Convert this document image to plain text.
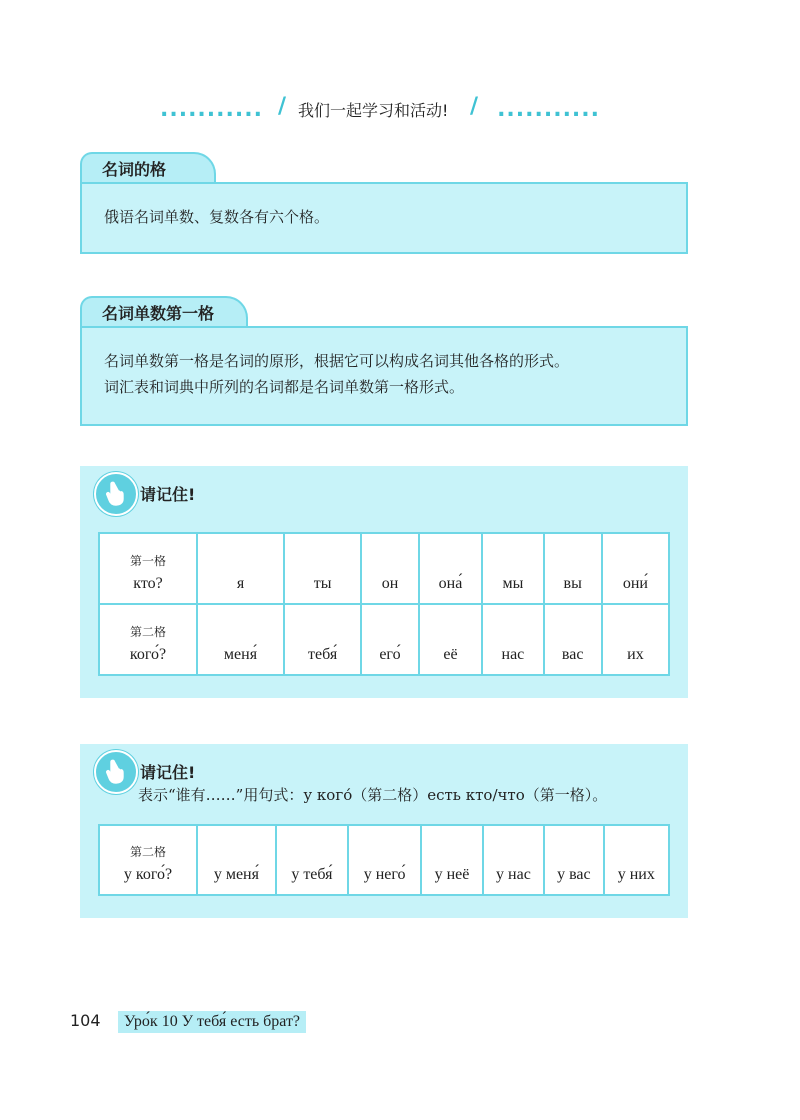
........... / 我们一起学习和活动! / ...........
名词的格

俄语名词单数、复数各有六个格。

名词单数第一格

名词单数第一格是名词的原形，根据它可以构成名词其他各格的形式。

词汇表和词典中所列的名词都是名词单数第一格形式。

请记住!
第一格
кто?	я	ты	он	она́	мы	вы	они́

第二格
кого́?	меня́	тебя́	его́	её	нас	вас	их
请记住!
表示“谁有……”用句式：у кого́（第二格）есть кто/что（第一格）。
第二格
у кого́?	у меня́	у тебя́	у него́	у неё	у нас	у вас	у них
104	Уро́к 10 У тебя́ есть брат?
